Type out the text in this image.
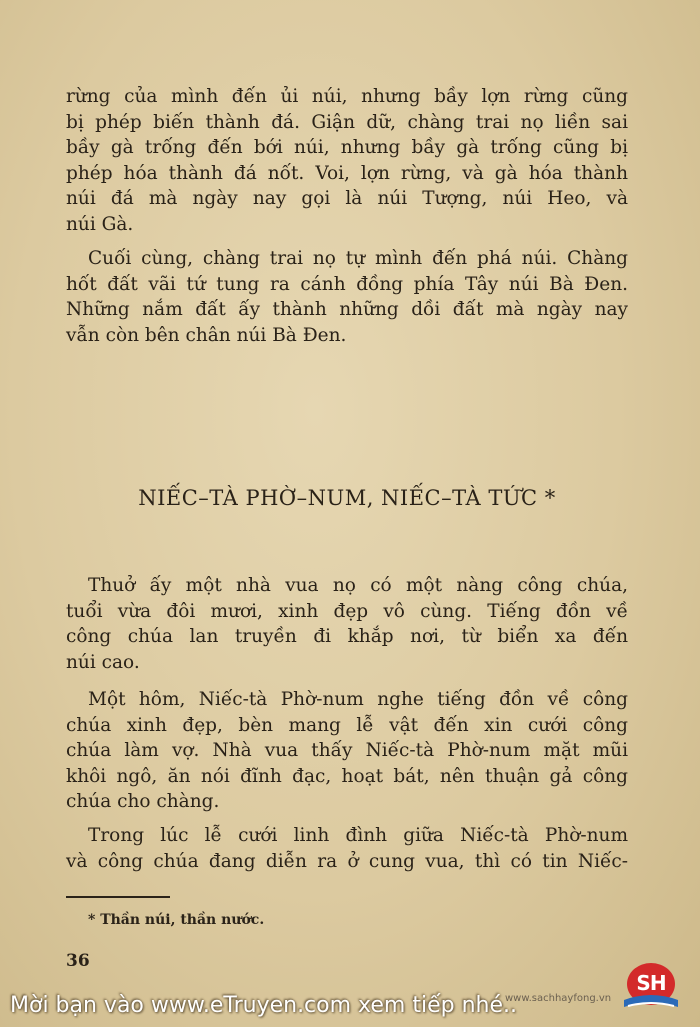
rừng của mình đến ủi núi, nhưng bầy lợn rừng cũng
bị phép biến thành đá. Giận dữ, chàng trai nọ liền sai
bầy gà trống đến bới núi, nhưng bầy gà trống cũng bị
phép hóa thành đá nốt. Voi, lợn rừng, và gà hóa thành
núi đá mà ngày nay gọi là núi Tượng, núi Heo, và
núi Gà.
Cuối cùng, chàng trai nọ tự mình đến phá núi. Chàng
hốt đất vãi tứ tung ra cánh đồng phía Tây núi Bà Đen.
Những nắm đất ấy thành những dồi đất mà ngày nay
vẫn còn bên chân núi Bà Đen.
NIẾC–TÀ PHỜ–NUM, NIẾC–TÀ TỨC *
Thuở ấy một nhà vua nọ có một nàng công chúa,
tuổi vừa đôi mươi, xinh đẹp vô cùng. Tiếng đồn về
công chúa lan truyền đi khắp nơi, từ biển xa đến
núi cao.
Một hôm, Niếc-tà Phờ-num nghe tiếng đồn về công
chúa xinh đẹp, bèn mang lễ vật đến xin cưới công
chúa làm vợ. Nhà vua thấy Niếc-tà Phờ-num mặt mũi
khôi ngô, ăn nói đĩnh đạc, hoạt bát, nên thuận gả công
chúa cho chàng.
Trong lúc lễ cưới linh đình giữa Niếc-tà Phờ-num
và công chúa đang diễn ra ở cung vua, thì có tin Niếc-

* Thần núi, thần nước.

36
Mời bạn vào www.eTruyen.com xem tiếp nhé..
www.sachhayfong.vn
SH
